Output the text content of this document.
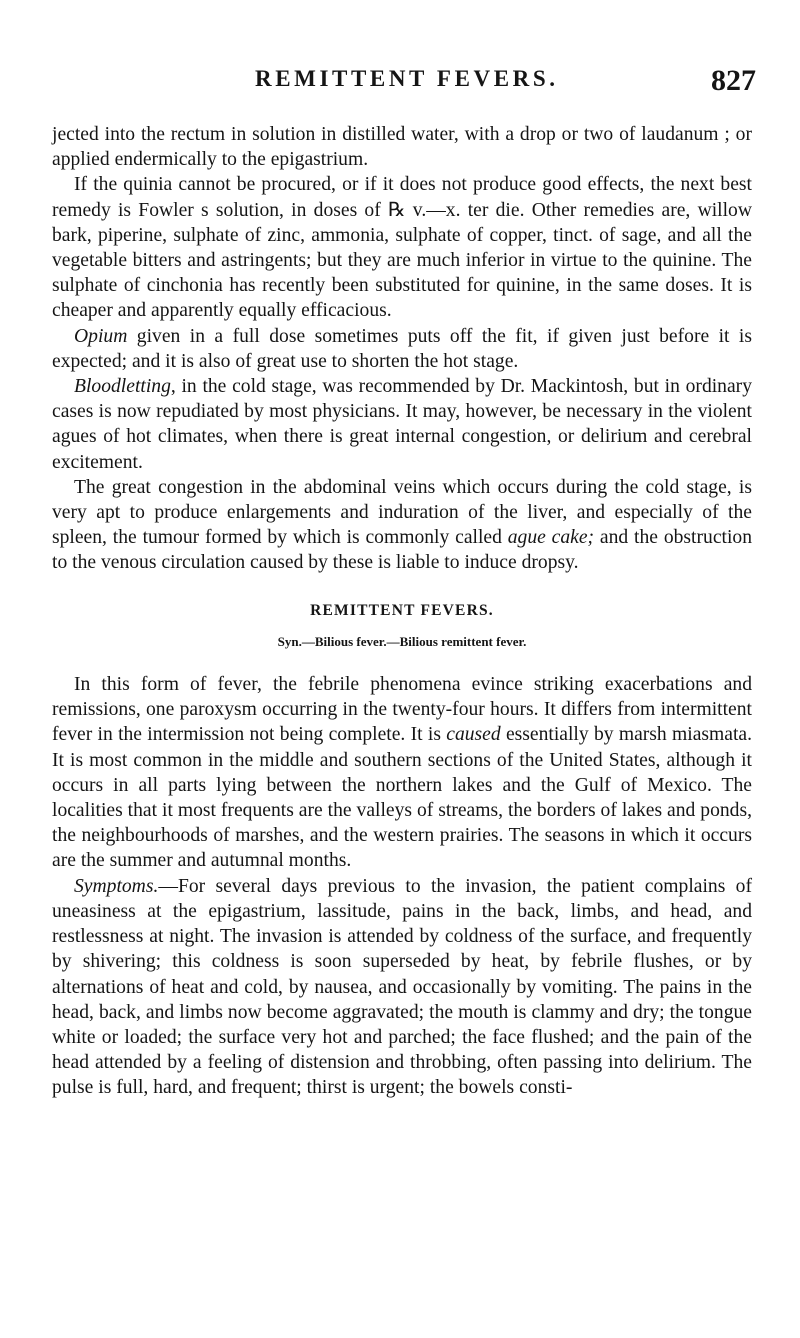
REMITTENT FEVERS.	827

jected into the rectum in solution in distilled water, with a drop or two of laudanum ; or applied endermically to the epigastrium.

If the quinia cannot be procured, or if it does not produce good effects, the next best remedy is Fowler s solution, in doses of ℞ v.—x. ter die. Other remedies are, willow bark, piperine, sulphate of zinc, ammonia, sulphate of copper, tinct. of sage, and all the vegetable bitters and astringents; but they are much inferior in virtue to the quinine. The sulphate of cinchonia has recently been substituted for quinine, in the same doses. It is cheaper and apparently equally efficacious.

Opium given in a full dose sometimes puts off the fit, if given just before it is expected; and it is also of great use to shorten the hot stage.

Bloodletting, in the cold stage, was recommended by Dr. Mackintosh, but in ordinary cases is now repudiated by most physicians. It may, however, be necessary in the violent agues of hot climates, when there is great internal congestion, or delirium and cerebral excitement.

The great congestion in the abdominal veins which occurs during the cold stage, is very apt to produce enlargements and induration of the liver, and especially of the spleen, the tumour formed by which is commonly called ague cake; and the obstruction to the venous circulation caused by these is liable to induce dropsy.

REMITTENT FEVERS.
Syn.—Bilious fever.—Bilious remittent fever.

In this form of fever, the febrile phenomena evince striking exacerbations and remissions, one paroxysm occurring in the twenty-four hours. It differs from intermittent fever in the intermission not being complete. It is caused essentially by marsh miasmata. It is most common in the middle and southern sections of the United States, although it occurs in all parts lying between the northern lakes and the Gulf of Mexico. The localities that it most frequents are the valleys of streams, the borders of lakes and ponds, the neighbourhoods of marshes, and the western prairies. The seasons in which it occurs are the summer and autumnal months.

Symptoms.—For several days previous to the invasion, the patient complains of uneasiness at the epigastrium, lassitude, pains in the back, limbs, and head, and restlessness at night. The invasion is attended by coldness of the surface, and frequently by shivering; this coldness is soon superseded by heat, by febrile flushes, or by alternations of heat and cold, by nausea, and occasionally by vomiting. The pains in the head, back, and limbs now become aggravated; the mouth is clammy and dry; the tongue white or loaded; the surface very hot and parched; the face flushed; and the pain of the head attended by a feeling of distension and throbbing, often passing into delirium. The pulse is full, hard, and frequent; thirst is urgent; the bowels consti-
